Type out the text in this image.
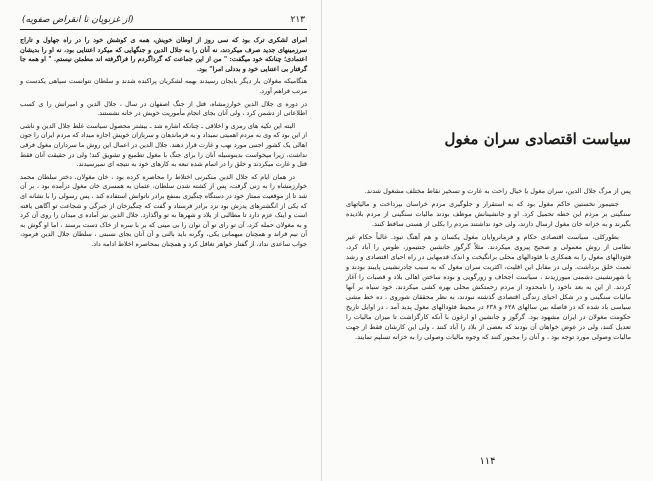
(از غزنویان تا انقراض صفویه)	۲۱۳

امرای لشکری ترک بود که سی روز از اوطان خویش، همه ی کوشش خود را در راه جهاول و تاراج سرزمینهای جدید صرف میکردند، نه آنان را به جلال الدین و جنگهایی که میکرد اعتنایی بود، نه او را بدیشان اعتمادی؛ چنانکه خود میگفت: " من از این جماعت که گرداگردم را فراگرفته اند مطمئن نیستم. " او همه جا گرفتار بی اعتنایی خود و بددلی امرا" بود.

هنگامیکه مغولان بار دیگر بایجان رسیدند بهمه لشکریان پراکنده شدند و سلطان نتوانست سپاهی یکدست و مرتب فراهم آورد.

در دوره ی جلال الدین خوارزمشاه، قتل از جنگ اصفهان در سال ، جلال الدین و امیرانش را ی کسب اطلاعاتی از دشمن کرد ، ولی آنان بجای انجام مأموریت خویش در خانه نشستند.

البته این تکیه های رمزی و اخلاقی ـ چنانکه اشاره شد ـ بیشتر محصول سیاست غلط جلال الدین و ناشی از این بود که وی به مردم اهمیتی نمیداد و به فرماندهان و سربازان خویش اجازه میداد که مردم ایران را جون اهالی یک کشور اجنبی مورد نهب و غارت قرار دهند. جلال الدین در اعمال این روش ما سرداران مغول فرقی نداشت، زیرا میخواست بدینوسیله آنان را برای جنگ با مغول تطمیع و تشویق کند؛ ولی در حقیقت آنان فقط قتل و غارت میکردند و خلق را در اتمام شده تبعه به کارهای خود به نتیجه ای نمیرسیدند.

در همان ایام که جلال الدین منکبرنی اختلاط را محاصره کرده بود ، خان مغولان، دختر سلطان محمد خوارزمشاه را به زنی گرفت، پس از کشته شدن سلطان، عثمان به همسری خان مغول درآمده بود ، بر آن شد تا از موقعیت ممتاز خود در دستگاه چنگیزی بمنفع برادر ناتوانش استفاده کند ، پس رسولی را با نشانه ای که یکی از انگشترهای پدرش بود نزد برادر فرستاد و گفت که چنگیزخان از خبرگی و شجاعت تو آگاهی یافته است و اینک عزم دارد تا مطالبی از بلاد و شهرها به تو واگذارد. جلال الدین نیز آماده ی میدان را روی آن کرد و به مغولان حمله کرد، آن تو رای تو آن نوان را بی مینی که بر با سره از خاک دست برسند ، اما او گوش به آن نیم فراند و همچنان میهمانی یکی، وگرنه باید بالنی و آن آنان بجای نسبتی ، سلطان جلال الدین فرمود، جواب ساعدی نداد، از گفتار خواهر تغافل کرد و همچنان بمحاصره اخلاط ادامه داد.

سیاست اقتصادی سران مغول

پس از مرگ جلال الدین، سران مغول با خیال راحت به غارت و تسخیر نقاط مختلف مشغول شدند.

جنتیمور نخستین حاکم مغول بود که به استقرار و جلوگیری مردم خراسان بپرداخت و مالیاتهای سنگینی بر مردم این خطه تحمیل کرد. او و جانشینانش موظف بودند مالیات سنگینی از مردم بلادیده بگیرند و به خزانه خان مغول ارسال دارند، ولی خود نداشتند مردم را بکلی از هستی ساقط کنند.

بطورکلی، سیاست اقتصادی حکام و فرمانروایان مغول یکسان و هم آهنگ نبود. غالباً حکام غیر نظامی از روش معمولی و صحیح پیروی میکردند. مثلاً گرگوز جانشین جنتیمور، طوس را آباد کرد، فئودالهای مغول را به همکاری با فئودالهای محلی برانگیخت و اندک قدمهایی در راه احیای اقتصادی و رشد نعمت خلق برداشت. ولی در مقابل این اقلیت، اکثریت سران مغول که به سبب چادرنشینی پایبند بودند و با شهرنشینی دشمنی میورزیدند ، سیاست اجحاف و زورگویی و بوده ساختن اهالی بلاد و قصبات را آغاز کردند. از این به بعد ناخود را نامحدود از مردم زحمتکش محلی بهره کشی میکردند. خود سیاه بر آنها مالیات سنگینی و در شکل احیای زندگی اقتصادی گذشته نبودند، به نظر محققان شوروی ، ده خط مشی سیاسی باد شده که در فاصله بین سالهای ۶۲۸ و ۶۳۸ در محیط فئودالهای مغول پدید آمد ، در اوایل تاریخ حکومت مغولان در ایران مشهود بود. گرگوز و جانشین او ارغون با آنکه کارگزاشت تا میزان مالیات را تعدیل کنند، ولی در عوض خواهان آن بودند که بعضی از بلاد را آباد کنند ، ولی این کارشان فقط از جهت مالیات وصولی مورد توجه بود ، و آنان را مجبور کنند که وجوه مالیات وصولی را به خزانه تسلیم نمایند.

۱۱۴
